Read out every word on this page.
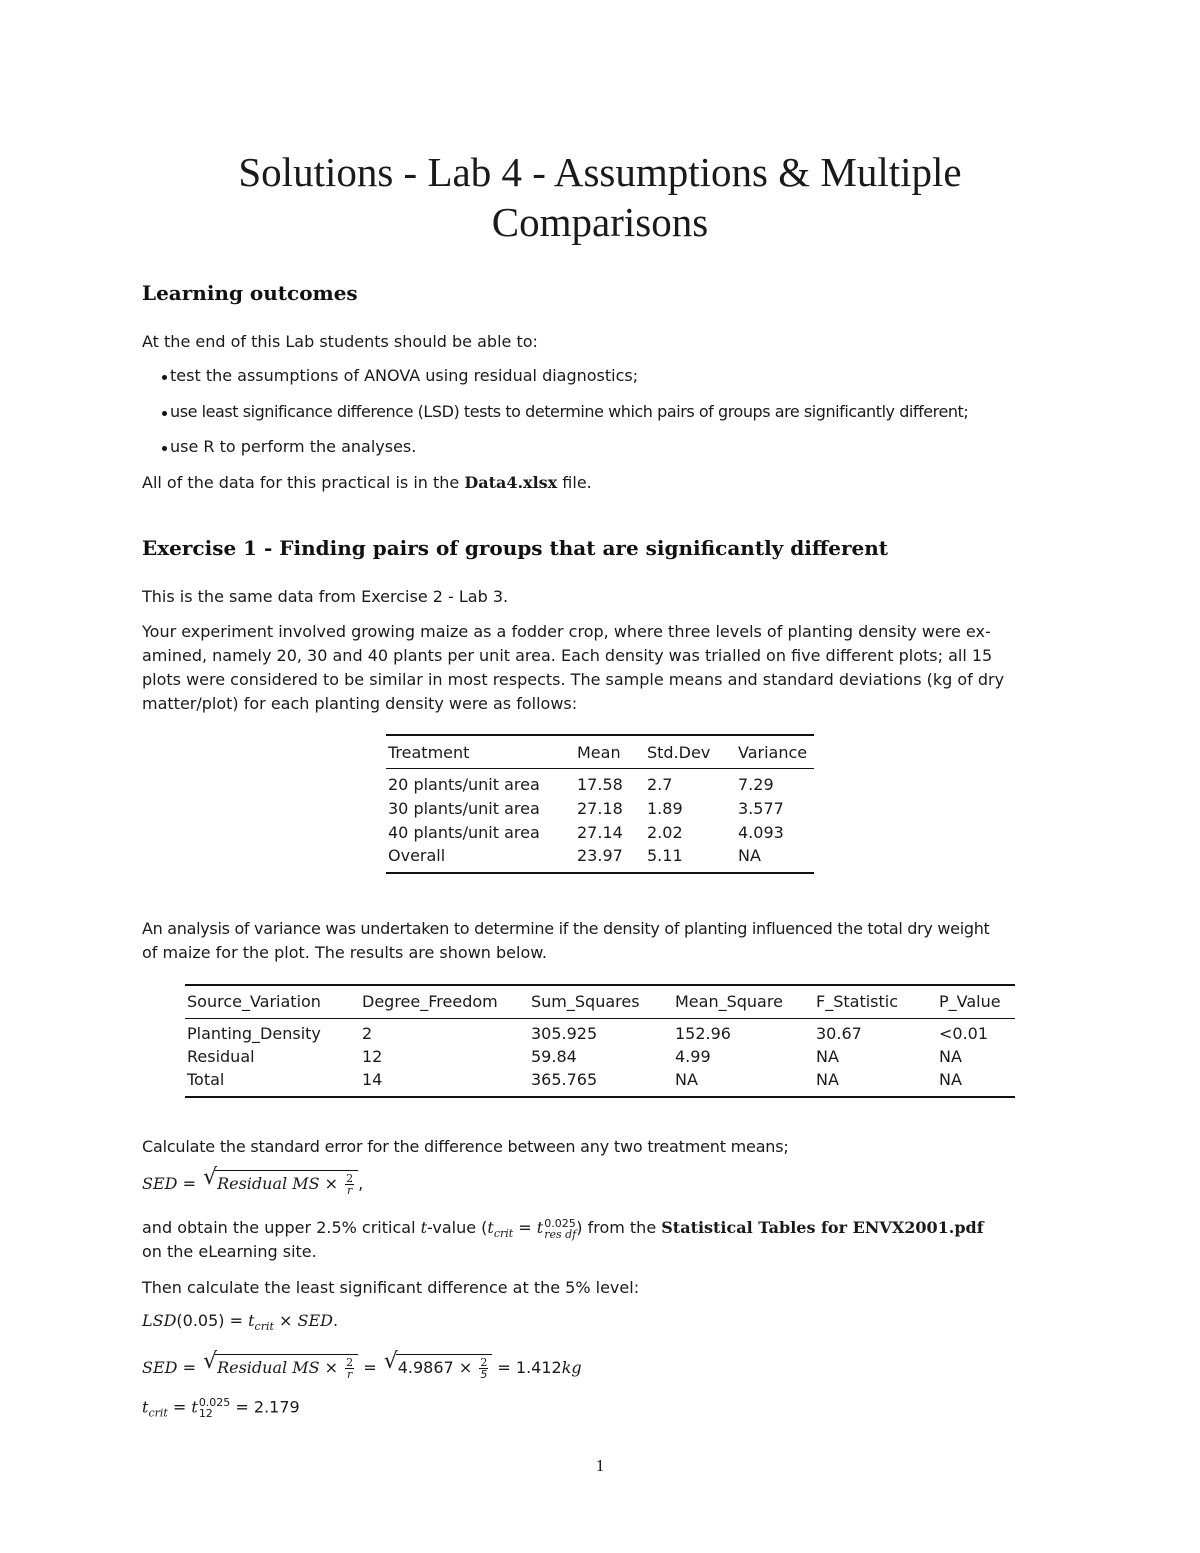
Solutions - Lab 4 - Assumptions & Multiple
Comparisons
Learning outcomes
At the end of this Lab students should be able to:
test the assumptions of ANOVA using residual diagnostics;
use least significance difference (LSD) tests to determine which pairs of groups are significantly different;
use R to perform the analyses.
All of the data for this practical is in the Data4.xlsx file.
Exercise 1 - Finding pairs of groups that are significantly different
This is the same data from Exercise 2 - Lab 3.
Your experiment involved growing maize as a fodder crop, where three levels of planting density were ex-
amined, namely 20, 30 and 40 plants per unit area. Each density was trialled on five different plots; all 15
plots were considered to be similar in most respects. The sample means and standard deviations (kg of dry
matter/plot) for each planting density were as follows:
Treatment	Mean Std.Dev Variance
20 plants/unit area 17.58 2.7	7.29
30 plants/unit area 27.18 1.89	3.577
40 plants/unit area 27.14 2.02	4.093
Overall	23.97 5.11	NA
An analysis of variance was undertaken to determine if the density of planting influenced the total dry weight
of maize for the plot. The results are shown below.
Source_Variation	Degree_Freedom Sum_Squares Mean_Square F_Statistic	P_Value
Planting_Density	2	305.925	152.96	30.67	<0.01
Residual	12	59.84	4.99	NA	NA
Total	14	365.765	NA	NA	NA
Calculate the standard error for the difference between any two treatment means;
SED = √ Residual MS × $\frac{2}{r}$ ,
and obtain the upper 2.5% critical t-value ($t_{crit} = t$ 0.025
res df ) from the Statistical Tables for ENVX2001.pdf
on the eLearning site.
Then calculate the least significant difference at the 5% level:
$LSD(0.05) = t_{crit}$ × SED.
SED = √ Residual MS × $\frac{2}{r}$ = √ $4.9867 \times \frac{2}{5} = 1.412kg$
$t_{crit} = t$ 0.025
12	= 2.179
1
